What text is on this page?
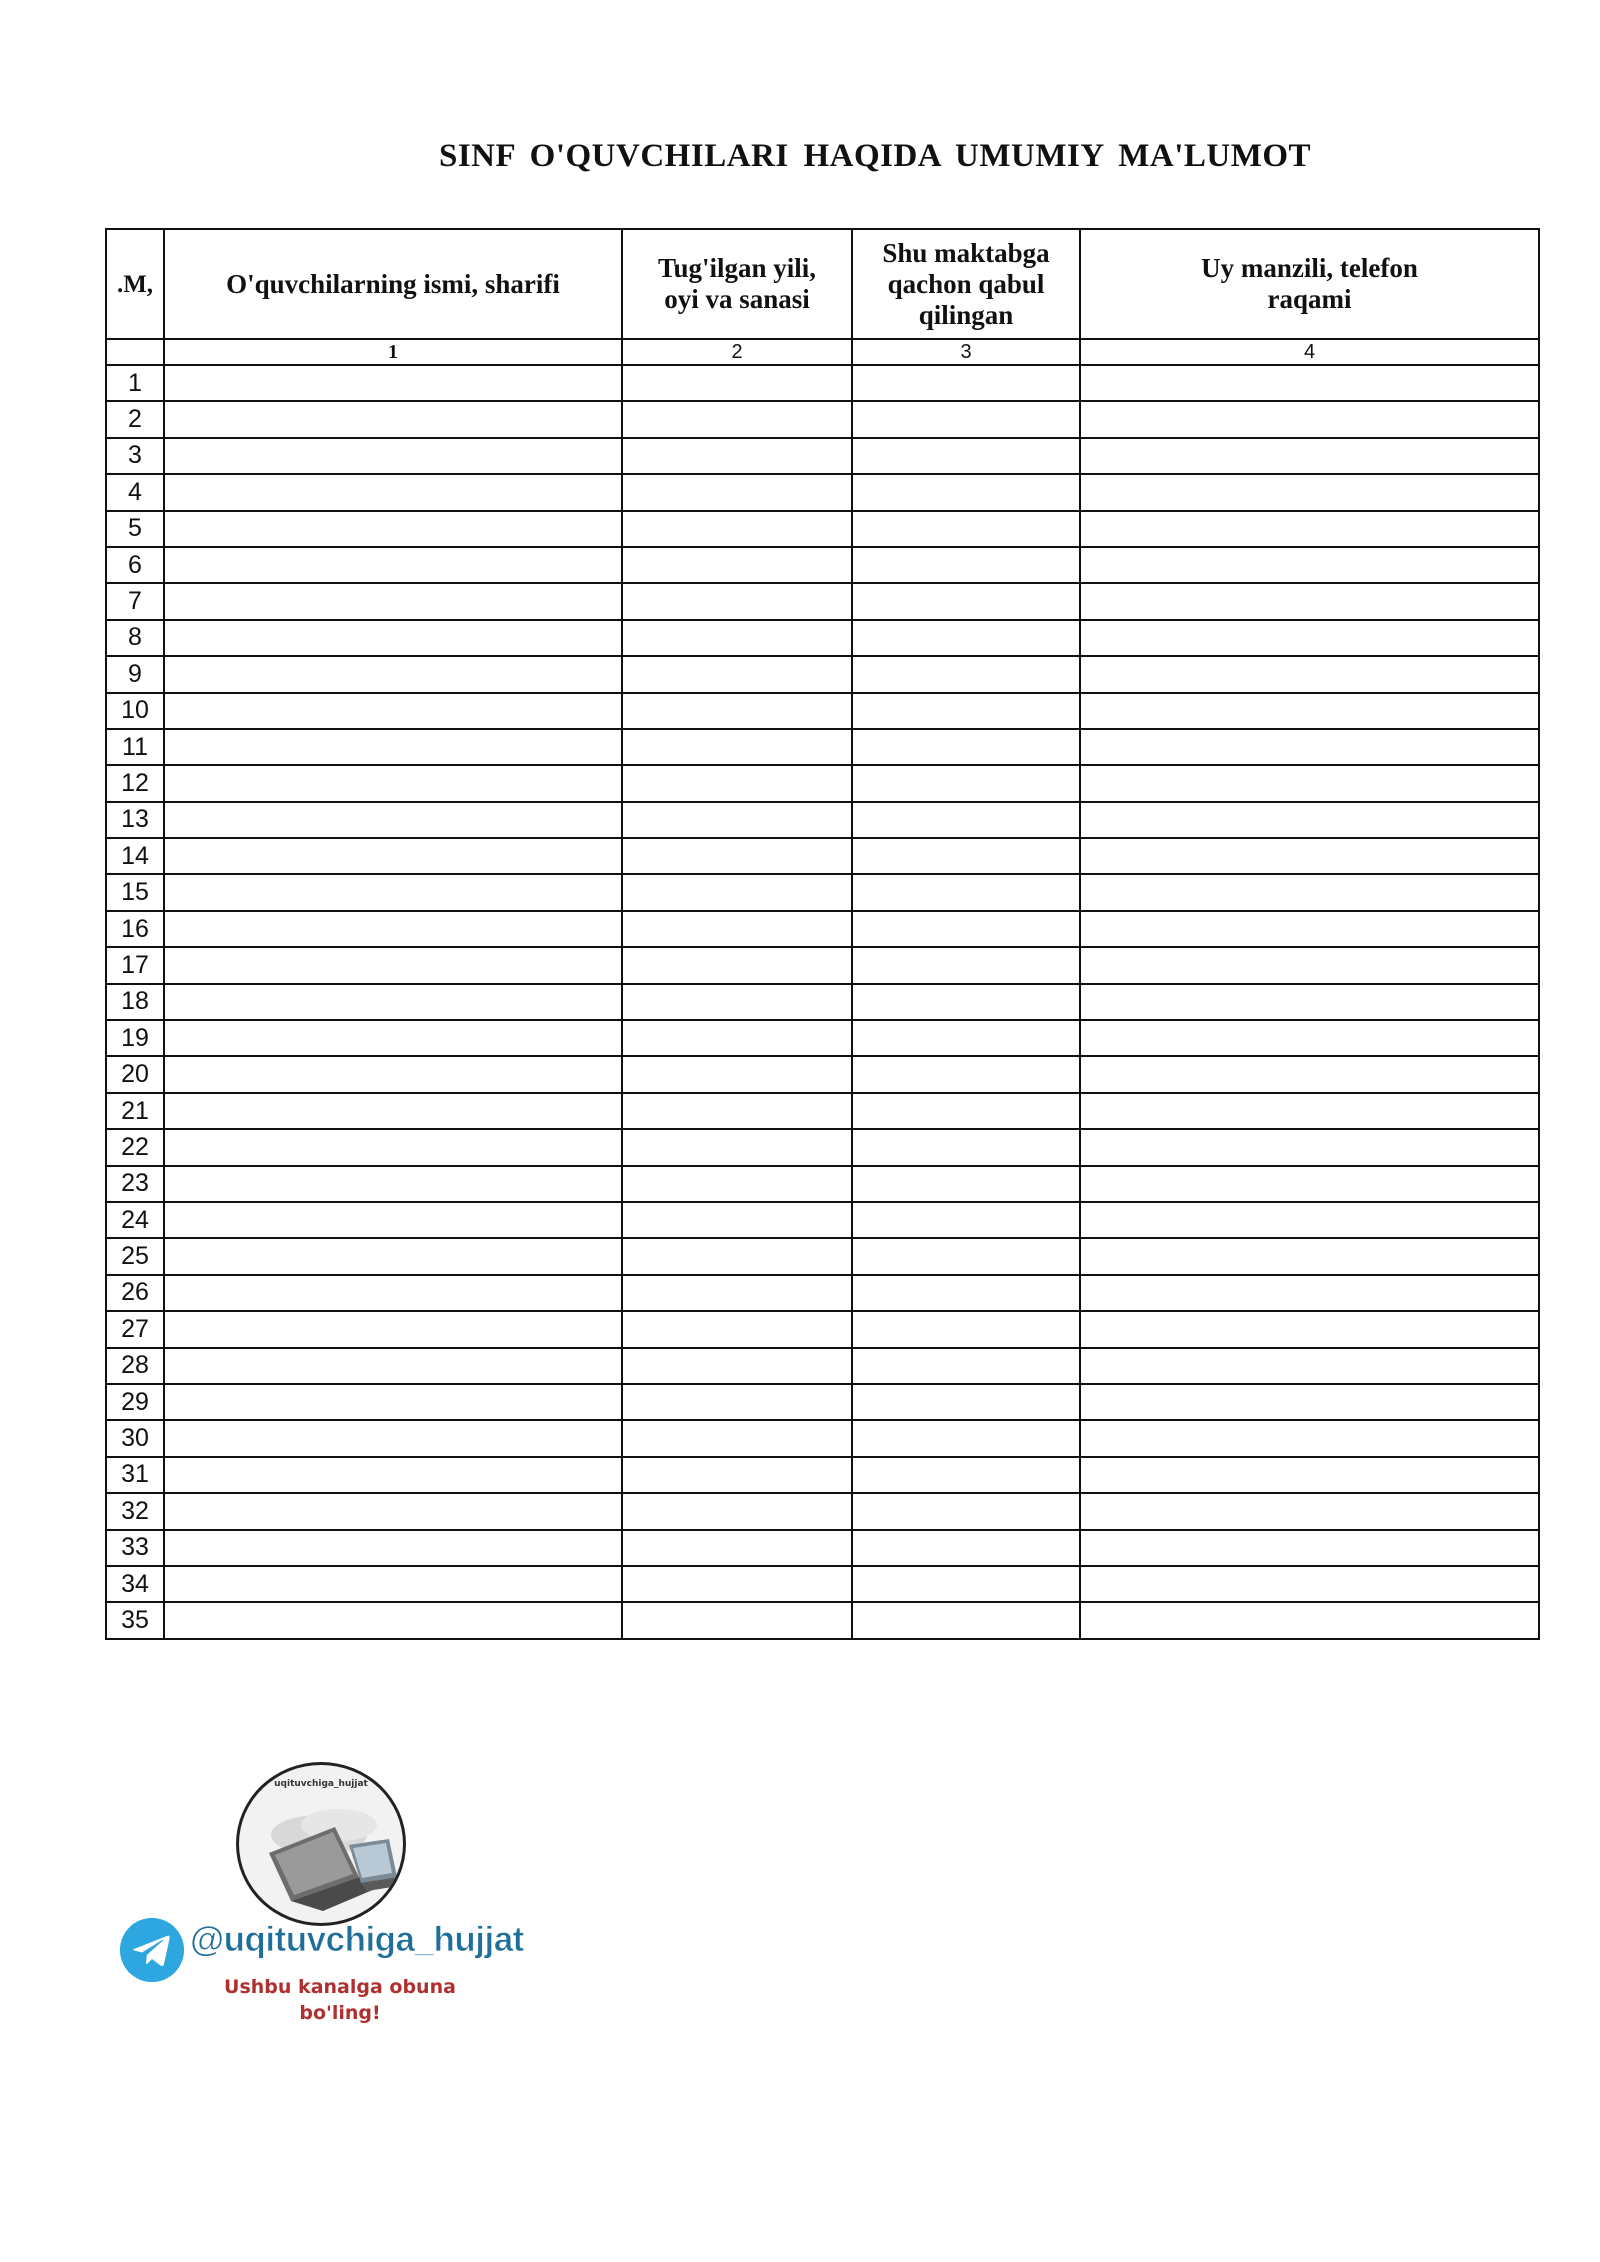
SINF O'QUVCHILARI HAQIDA UMUMIY MA'LUMOT
.M,	O'quvchilarning ismi, sharifi	Tug'ilgan yili, oyi va sanasi	Shu maktabga qachon qabul qilingan	Uy manzili, telefon raqami
	1	2	3	4
1				
2				
3				
4				
5				
6				
7				
8				
9				
10				
11				
12				
13				
14				
15				
16				
17				
18				
19				
20				
21				
22				
23				
24				
25				
26				
27				
28				
29				
30				
31				
32				
33				
34				
35				
uqituvchiga_hujjat
@uqituvchiga_hujjat
Ushbu kanalga obuna
bo'ling!
